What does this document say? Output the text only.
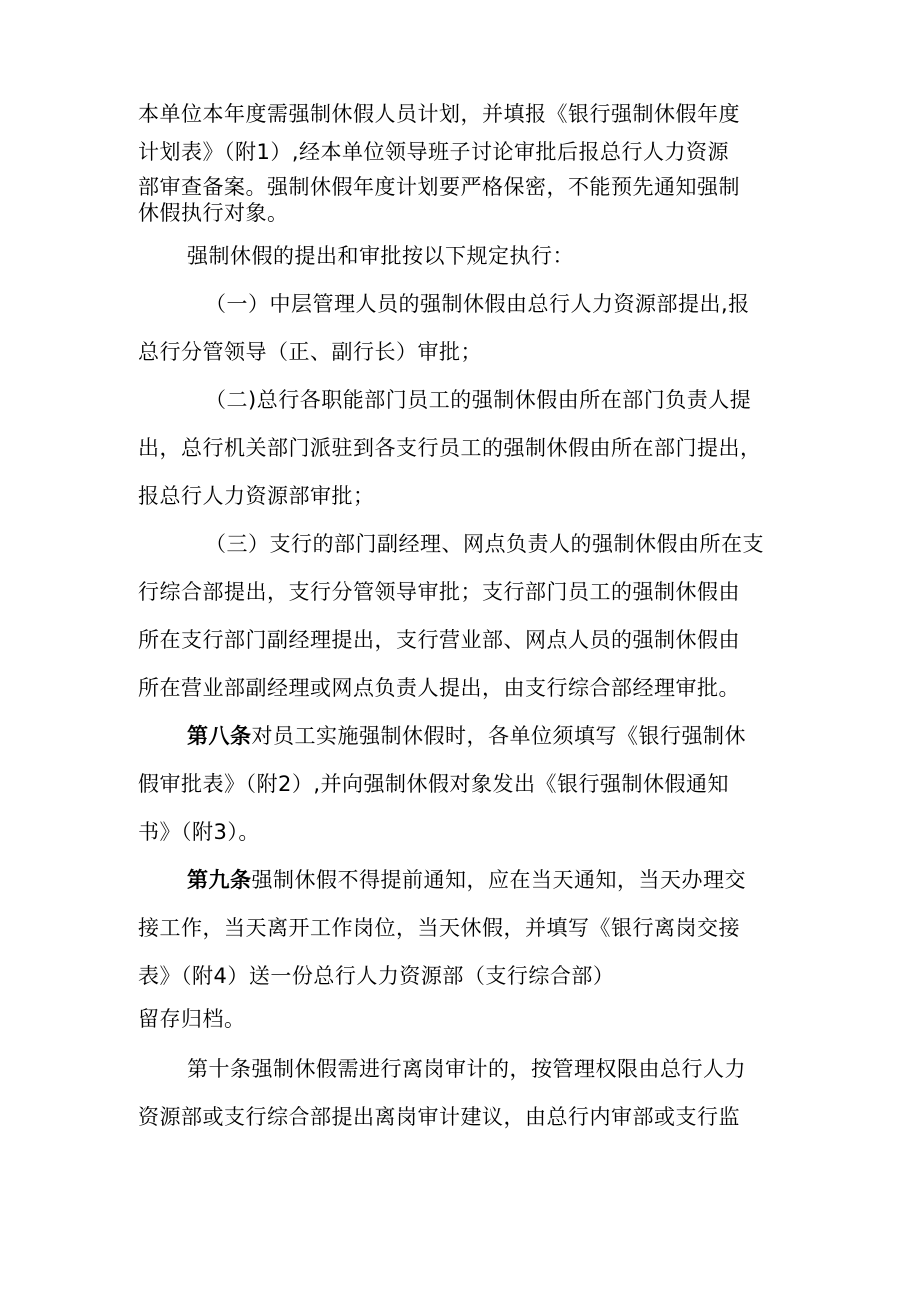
本单位本年度需强制休假人员计划，并填报《银行强制休假年度
计划表》（附1）,经本单位领导班子讨论审批后报总行人力资源
部审查备案。强制休假年度计划要严格保密，不能预先通知强制
休假执行对象。
强制休假的提出和审批按以下规定执行：
（一）中层管理人员的强制休假由总行人力资源部提出,报
总行分管领导（正、副行长）审批；
（二)总行各职能部门员工的强制休假由所在部门负责人提
出，总行机关部门派驻到各支行员工的强制休假由所在部门提出，
报总行人力资源部审批；
（三）支行的部门副经理、网点负责人的强制休假由所在支
行综合部提出，支行分管领导审批；支行部门员工的强制休假由
所在支行部门副经理提出，支行营业部、网点人员的强制休假由
所在营业部副经理或网点负责人提出，由支行综合部经理审批。
第八条对员工实施强制休假时，各单位须填写《银行强制休
假审批表》（附2）,并向强制休假对象发出《银行强制休假通知
书》（附3）。
第九条强制休假不得提前通知，应在当天通知，当天办理交
接工作，当天离开工作岗位，当天休假，并填写《银行离岗交接
表》（附4）送一份总行人力资源部（支行综合部）
留存归档。
第十条强制休假需进行离岗审计的，按管理权限由总行人力
资源部或支行综合部提出离岗审计建议，由总行内审部或支行监
